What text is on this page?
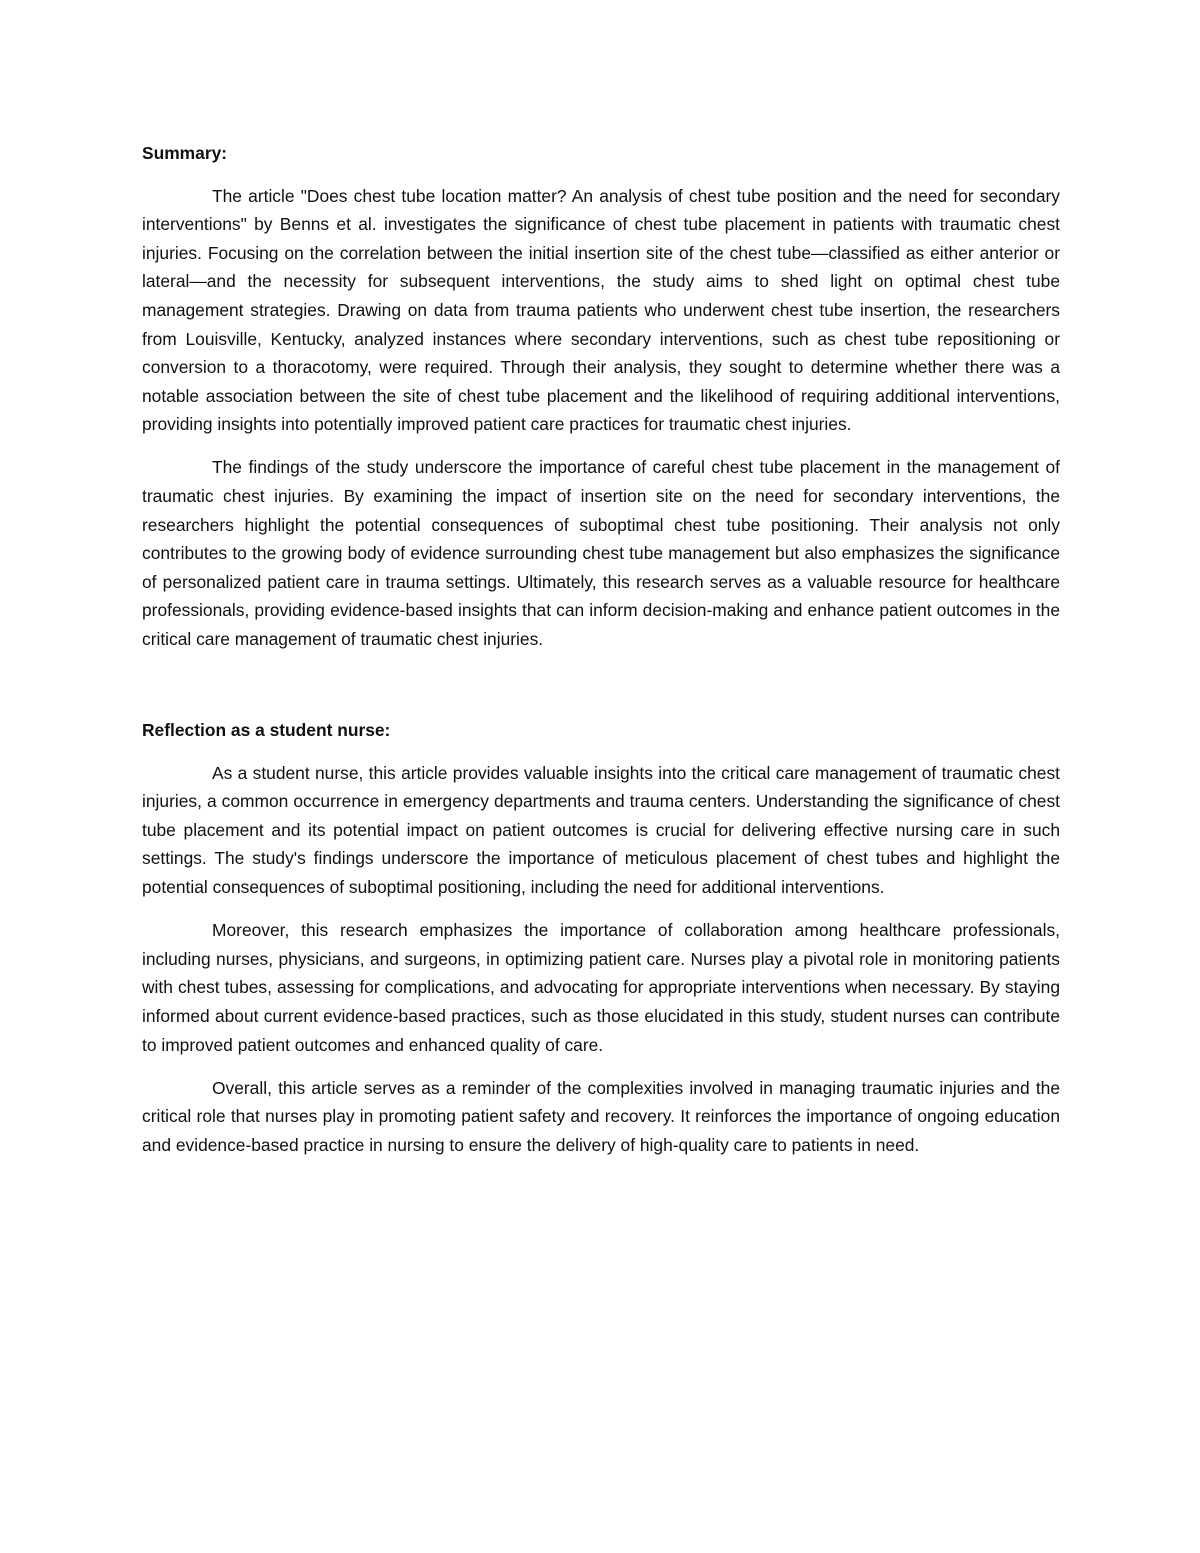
Summary:

The article "Does chest tube location matter? An analysis of chest tube position and the need for secondary interventions" by Benns et al. investigates the significance of chest tube placement in patients with traumatic chest injuries. Focusing on the correlation between the initial insertion site of the chest tube—classified as either anterior or lateral—and the necessity for subsequent interventions, the study aims to shed light on optimal chest tube management strategies. Drawing on data from trauma patients who underwent chest tube insertion, the researchers from Louisville, Kentucky, analyzed instances where secondary interventions, such as chest tube repositioning or conversion to a thoracotomy, were required. Through their analysis, they sought to determine whether there was a notable association between the site of chest tube placement and the likelihood of requiring additional interventions, providing insights into potentially improved patient care practices for traumatic chest injuries.

The findings of the study underscore the importance of careful chest tube placement in the management of traumatic chest injuries. By examining the impact of insertion site on the need for secondary interventions, the researchers highlight the potential consequences of suboptimal chest tube positioning. Their analysis not only contributes to the growing body of evidence surrounding chest tube management but also emphasizes the significance of personalized patient care in trauma settings. Ultimately, this research serves as a valuable resource for healthcare professionals, providing evidence-based insights that can inform decision-making and enhance patient outcomes in the critical care management of traumatic chest injuries.

Reflection as a student nurse:

As a student nurse, this article provides valuable insights into the critical care management of traumatic chest injuries, a common occurrence in emergency departments and trauma centers. Understanding the significance of chest tube placement and its potential impact on patient outcomes is crucial for delivering effective nursing care in such settings. The study's findings underscore the importance of meticulous placement of chest tubes and highlight the potential consequences of suboptimal positioning, including the need for additional interventions.

Moreover, this research emphasizes the importance of collaboration among healthcare professionals, including nurses, physicians, and surgeons, in optimizing patient care. Nurses play a pivotal role in monitoring patients with chest tubes, assessing for complications, and advocating for appropriate interventions when necessary. By staying informed about current evidence-based practices, such as those elucidated in this study, student nurses can contribute to improved patient outcomes and enhanced quality of care.

Overall, this article serves as a reminder of the complexities involved in managing traumatic injuries and the critical role that nurses play in promoting patient safety and recovery. It reinforces the importance of ongoing education and evidence-based practice in nursing to ensure the delivery of high-quality care to patients in need.
